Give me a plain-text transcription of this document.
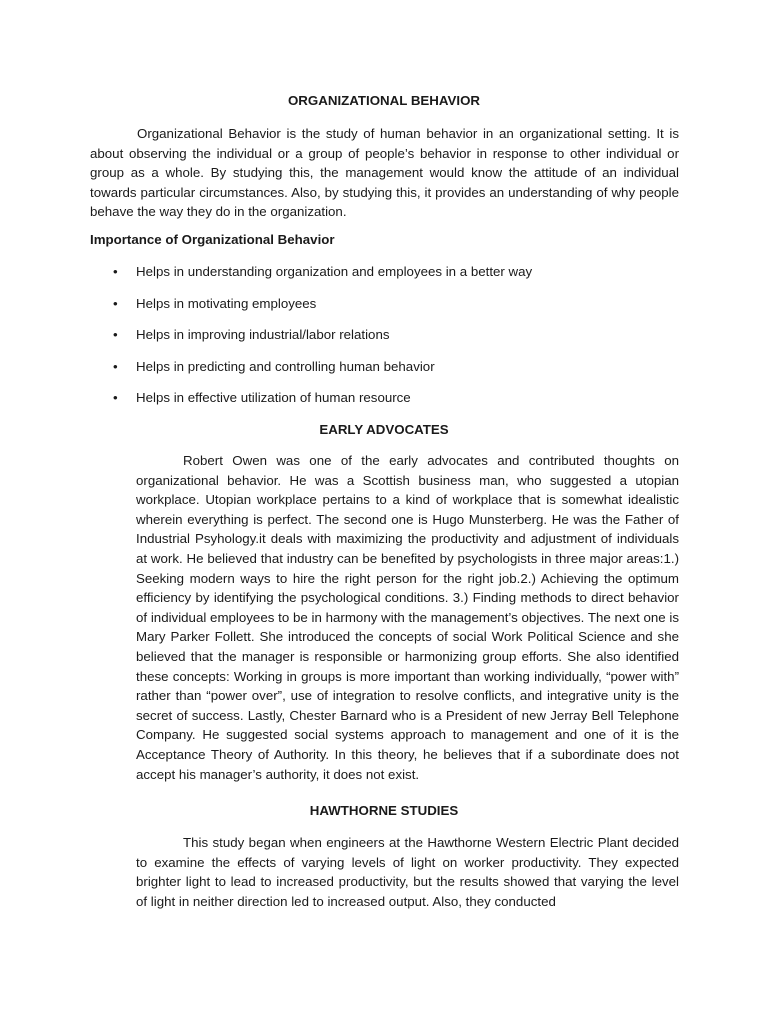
ORGANIZATIONAL BEHAVIOR

Organizational Behavior is the study of human behavior in an organizational setting. It is about observing the individual or a group of people’s behavior in response to other individual or group as a whole. By studying this, the management would know the attitude of an individual towards particular circumstances. Also, by studying this, it provides an understanding of why people behave the way they do in the organization.

Importance of Organizational Behavior
• Helps in understanding organization and employees in a better way
• Helps in motivating employees
• Helps in improving industrial/labor relations
• Helps in predicting and controlling human behavior
• Helps in effective utilization of human resource
EARLY ADVOCATES

Robert Owen was one of the early advocates and contributed thoughts on organizational behavior. He was a Scottish business man, who suggested a utopian workplace. Utopian workplace pertains to a kind of workplace that is somewhat idealistic wherein everything is perfect. The second one is Hugo Munsterberg. He was the Father of Industrial Psyhology.it deals with maximizing the productivity and adjustment of individuals at work. He believed that industry can be benefited by psychologists in three major areas:1.) Seeking modern ways to hire the right person for the right job.2.) Achieving the optimum efficiency by identifying the psychological conditions. 3.) Finding methods to direct behavior of individual employees to be in harmony with the management’s objectives. The next one is Mary Parker Follett. She introduced the concepts of social Work Political Science and she believed that the manager is responsible or harmonizing group efforts. She also identified these concepts: Working in groups is more important than working individually, “power with” rather than “power over”, use of integration to resolve conflicts, and integrative unity is the secret of success. Lastly, Chester Barnard who is a President of new Jerray Bell Telephone Company. He suggested social systems approach to management and one of it is the Acceptance Theory of Authority. In this theory, he believes that if a subordinate does not accept his manager’s authority, it does not exist.

HAWTHORNE STUDIES

This study began when engineers at the Hawthorne Western Electric Plant decided to examine the effects of varying levels of light on worker productivity. They expected brighter light to lead to increased productivity, but the results showed that varying the level of light in neither direction led to increased output. Also, they conducted
